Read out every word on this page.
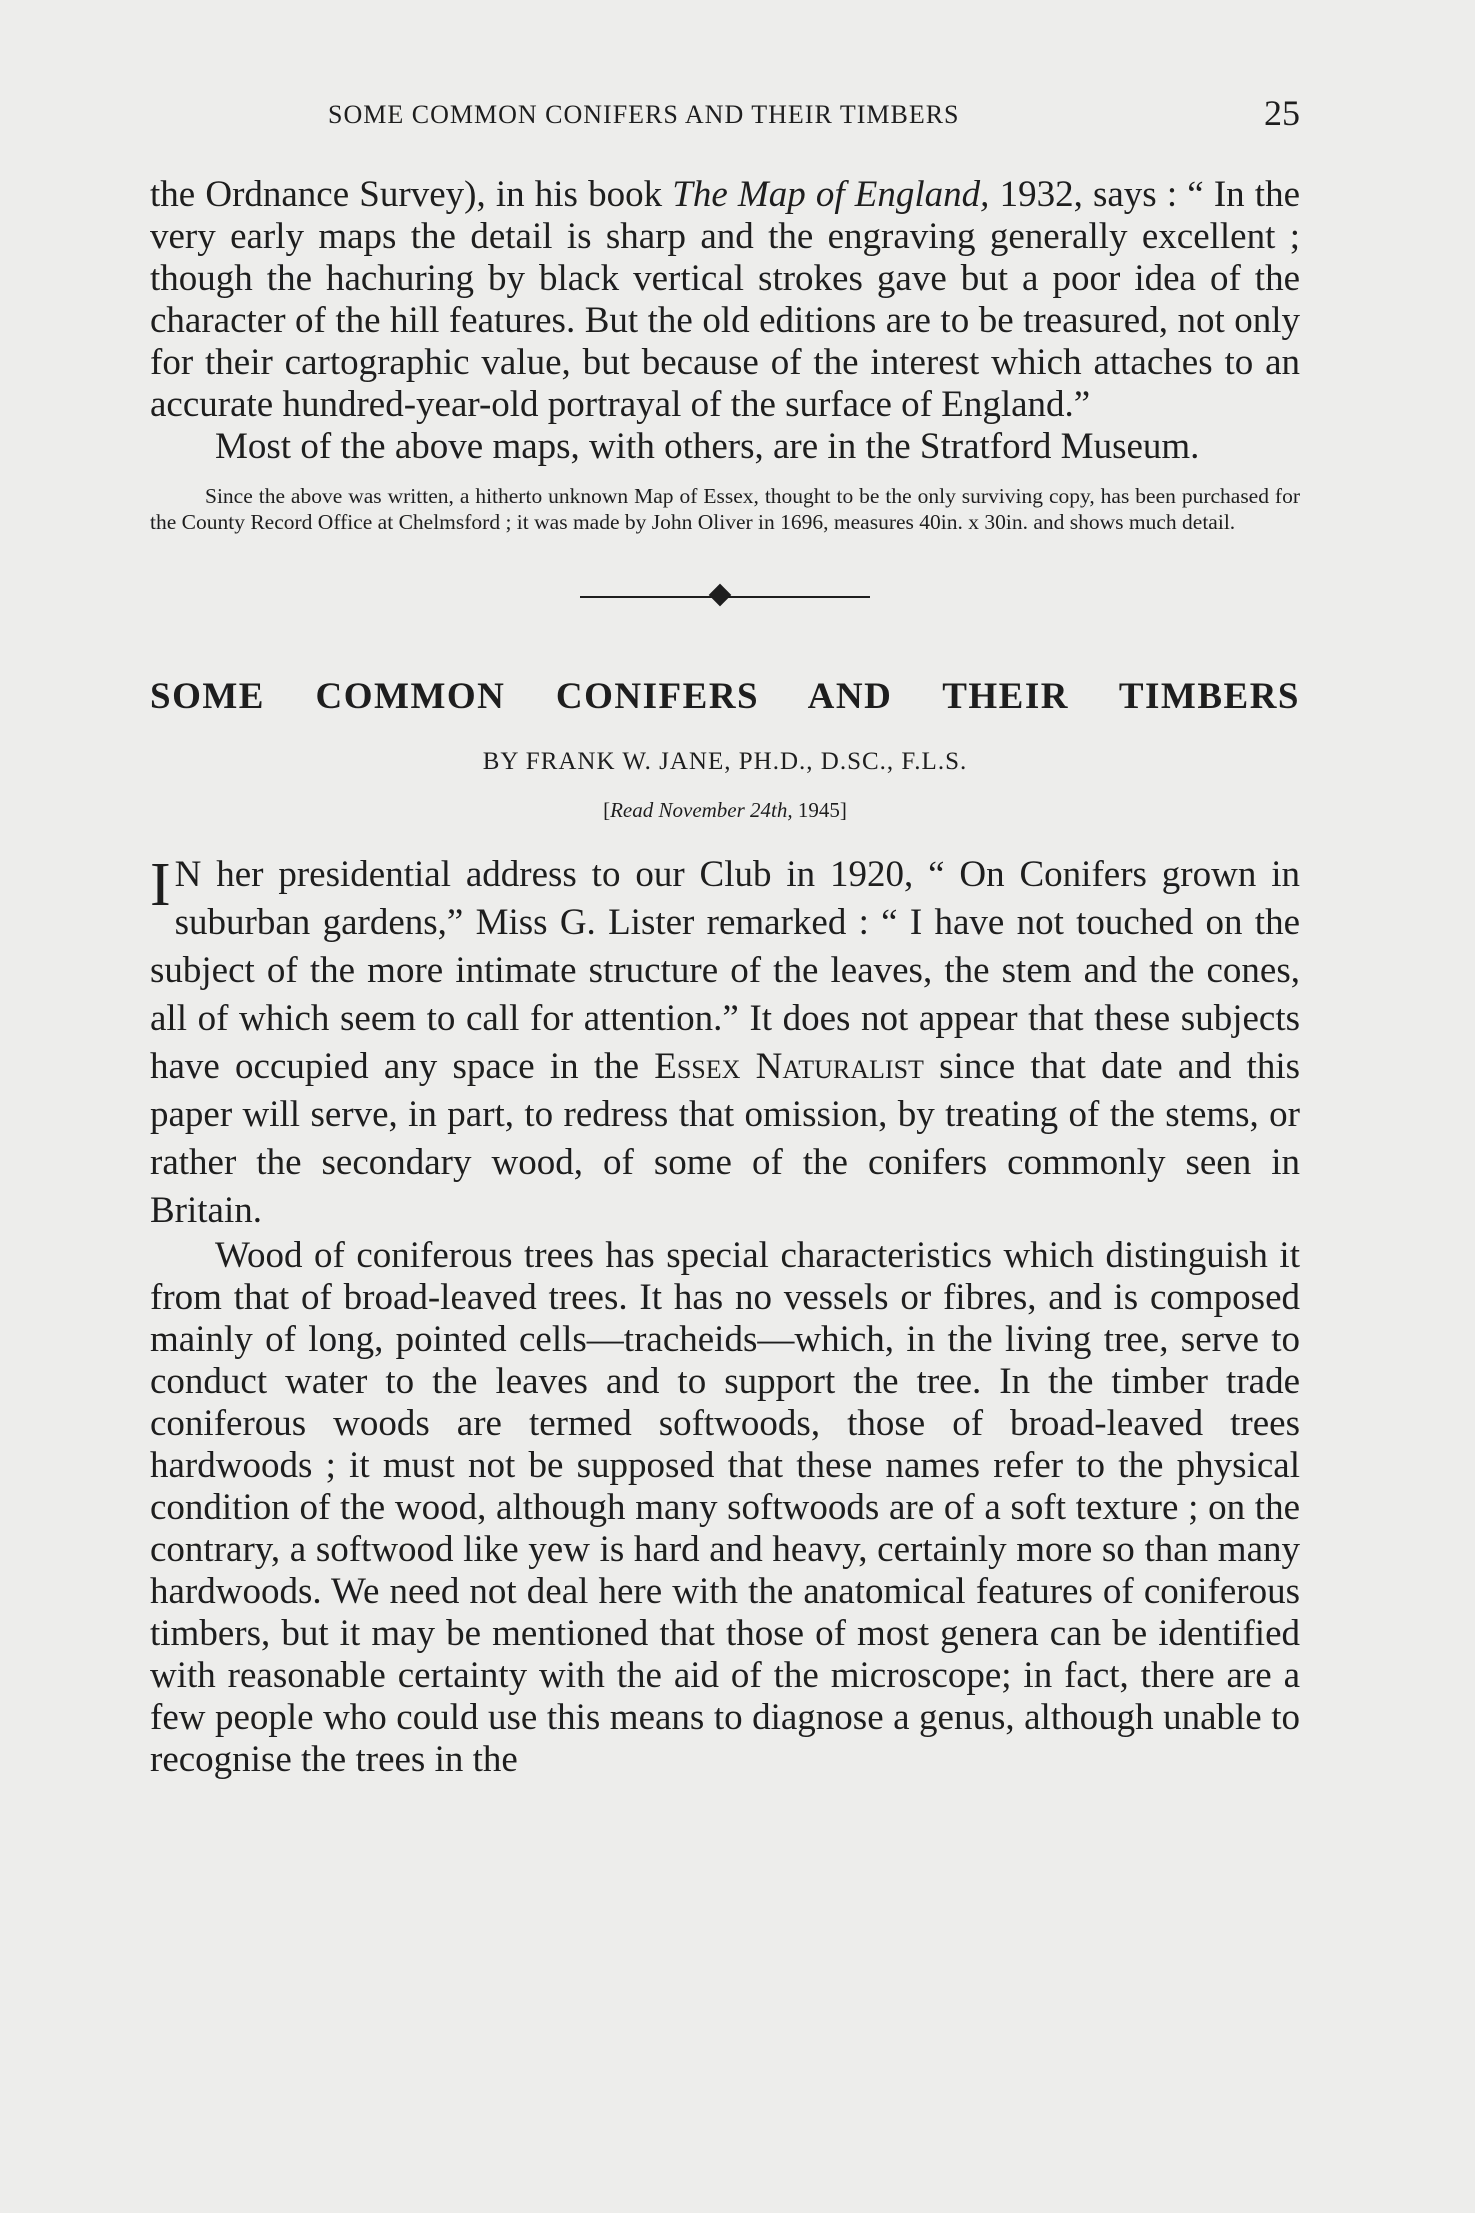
SOME COMMON CONIFERS AND THEIR TIMBERS	25

the Ordnance Survey), in his book The Map of England, 1932, says : “ In the very early maps the detail is sharp and the engraving generally excellent ; though the hachuring by black vertical strokes gave but a poor idea of the character of the hill features. But the old editions are to be treasured, not only for their cartographic value, but because of the interest which attaches to an accurate hundred-year-old portrayal of the surface of England.”

Most of the above maps, with others, are in the Stratford Museum.

Since the above was written, a hitherto unknown Map of Essex, thought to be the only surviving copy, has been purchased for the County Record Office at Chelmsford ; it was made by John Oliver in 1696, measures 40in. x 30in. and shows much detail.

SOME COMMON CONIFERS AND THEIR TIMBERS
BY FRANK W. JANE, PH.D., D.SC., F.L.S.
[Read November 24th, 1945]

I N her presidential address to our Club in 1920, “ On Conifers grown in suburban gardens,” Miss G. Lister remarked : “ I have not touched on the subject of the more intimate structure of the leaves, the stem and the cones, all of which seem to call for attention.” It does not appear that these subjects have occupied any space in the Essex Naturalist since that date and this paper will serve, in part, to redress that omission, by treating of the stems, or rather the secondary wood, of some of the conifers commonly seen in Britain.

Wood of coniferous trees has special characteristics which distinguish it from that of broad-leaved trees. It has no vessels or fibres, and is composed mainly of long, pointed cells—tracheids—which, in the living tree, serve to conduct water to the leaves and to support the tree. In the timber trade coniferous woods are termed softwoods, those of broad-leaved trees hardwoods ; it must not be supposed that these names refer to the physical condition of the wood, although many softwoods are of a soft texture ; on the contrary, a softwood like yew is hard and heavy, certainly more so than many hardwoods. We need not deal here with the anatomical features of coniferous timbers, but it may be mentioned that those of most genera can be identified with reasonable certainty with the aid of the microscope; in fact, there are a few people who could use this means to diagnose a genus, although unable to recognise the trees in the
